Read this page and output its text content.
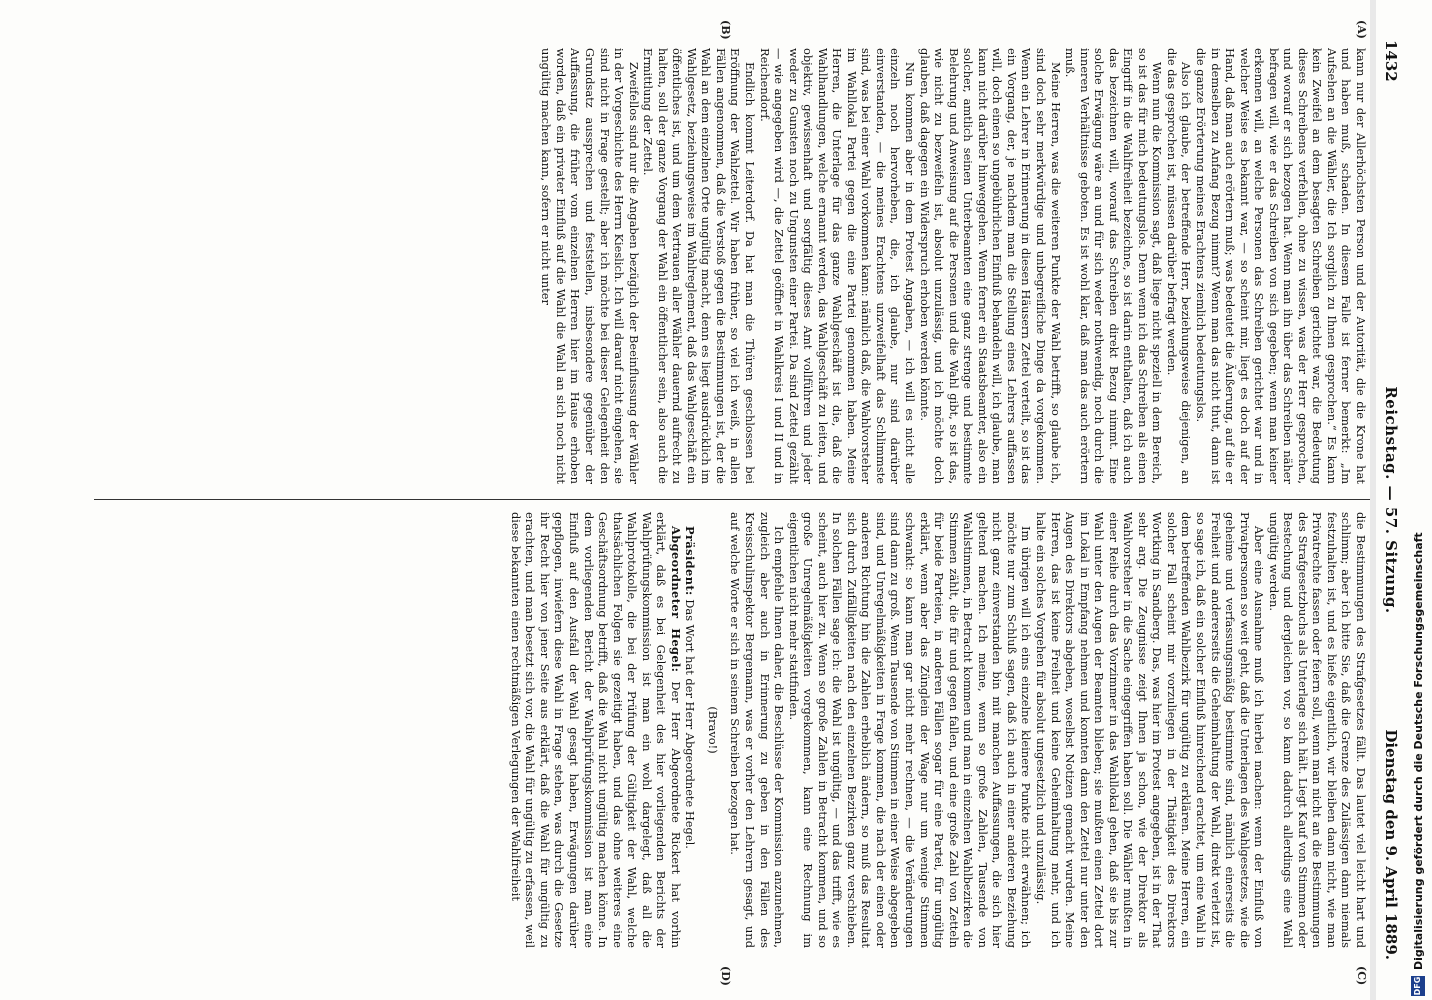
1432
Reichstag. — 57. Sitzung.
Dienstag den 9. April 1889.
(A)
(B)
(C)
(D)

kann nur der Allerhöchsten Person und der Autorität, die die Krone hat und haben muß, schaden. In diesem Falle ist ferner bemerkt: „Im Aufsehen an die Wähler, die Ich sorglich zu Ihnen gesprochen.“ Es kann kein Zweifel an dem besagten Schreiben gerichtet war, die Bedeutung dieses Schreibens verfehlen, ohne zu wissen, was der Herr gesprochen, und worauf er sich bezogen hat. Wenn man ihn über das Schreiben näher befragen will, wie er das Schreiben von sich gegeben; wenn man keiner erkennen will, an welche Personen das Schreiben gerichtet war und in welcher Weise es bekannt war, — so scheint mir, liegt es doch auf der Hand, daß man auch erörtern muß; was bedeutet die Äußerung, auf die er in demselben zu Anfang Bezug nimmt? Wenn man das nicht thut, dann ist die ganze Erörterung meines Erachtens ziemlich bedeutungslos.

Also ich glaube, der betreffende Herr, beziehungsweise diejenigen, an die das gesprochen ist, müssen darüber befragt werden.

Wenn nun die Kommission sagt, daß liege nicht speziell in dem Bereich, so ist das für mich bedeutungslos. Denn wenn ich das Schreiben als einen Eingriff in die Wahlfreiheit bezeichne, so ist darin enthalten, daß ich auch das bezeichnen will, worauf das Schreiben direkt Bezug nimmt. Eine solche Erwägung wäre an und für sich weder nothwendig, noch durch die inneren Verhältnisse geboten. Es ist wohl klar, daß man das auch erörtern muß.

Meine Herren, was die weiteren Punkte der Wahl betrifft, so glaube ich, sind doch sehr merkwürdige und unbegreifliche Dinge da vorgekommen. Wenn ein Lehrer in Erinnerung in diesen Häusern Zettel verteilt, so ist das ein Vorgang, der, je nachdem man die Stellung eines Lehrers auffassen will, doch einen so ungebührlichen Einfluß behandeln will, ich glaube, man kann nicht darüber hinweggehen. Wenn ferner ein Staatsbeamter, also ein solcher, amtlich seinen Unterbeamten eine ganz strenge und bestimmte Belehrung und Anweisung auf die Personen und die Wahl gibt, so ist das, wie nicht zu bezweifeln ist, absolut unzulässig, und ich möchte doch glauben, daß dagegen ein Widerspruch erhoben werden könnte.

Nun kommen aber in dem Protest Angaben, — ich will es nicht alle einzeln noch hervorheben, die, ich glaube, nur sind darüber einverstanden, — die meines Erachtens unzweifelhaft das Schlimmste sind, was bei einer Wahl vorkommen kann: nämlich daß, die Wahlvorsteher im Wahllokal Partei gegen die eine Partei genommen haben. Meine Herren, die Unterlage für das ganze Wahlgeschäft ist die, daß die Wahlhandlungen, welche ernannt werden, das Wahlgeschäft zu leiten, und objektiv, gewissenhaft und sorgfältig dieses Amt vollführen und jeder weder zu Gunsten noch zu Ungunsten einer Partei. Da sind Zettel gezählt — wie angegeben wird —, die Zettel geöffnet in Wahlkreis I und II und in Reichendorf.

Endlich kommt Leiterdorf. Da hat man die Thüren geschlossen bei Eröffnung der Wahlzettel. Wir haben früher, so viel ich weiß, in allen Fällen angenommen, daß die Verstoß gegen die Bestimmungen ist, der die Wahl an dem einzelnen Orte ungültig macht, denn es liegt ausdrücklich im Wahlgesetz, beziehungsweise im Wahlreglement, daß das Wahlgeschäft ein öffentliches ist, und um dem Vertrauen aller Wähler dauernd aufrecht zu halten, soll der ganze Vorgang der Wahl ein öffentlicher sein, also auch die Ermittlung der Zettel.

Zweifellos sind nur die Angaben bezüglich der Beeinflussung der Wähler in der Vorgeschichte des Herrn Kieslich. Ich will darauf nicht eingehen, sie sind nicht in Frage gestellt; aber ich möchte bei dieser Gelegenheit den Grundsatz aussprechen und feststellen, insbesondere gegenüber der Auffassung, die früher vom einzelnen Herren hier im Hause erhoben worden, daß ein privater Einfluß auf die Wahl die Wahl an sich noch nicht ungültig machen kann, sofern er nicht unter

die Bestimmungen des Strafgesetzes fällt. Das lautet viel leicht hart und schlimm; aber ich bitte Sie, daß die Grenze des Zulässigen dann niemals festzuhalten ist, und es hieße eigentlich, wir bleiben dann nicht, wie man Privatrechte fassen oder feiern soll, wenn man nicht an die Bestimmungen des Strafgesetzbuchs als Unterlage sich hält. Liegt Kauf von Stimmen oder Bestechung und dergleichen vor, so kann dadurch allerdings eine Wahl ungültig werden.

Aber eine Ausnahme muß ich hierbei machen: wenn der Einfluß von Privatpersonen so weit geht, daß die Unterlagen des Wahlgesetzes, wie die geheime und verfassungsmäßig bestimmte sind, nämlich einerseits die Freiheit und andererseits die Geheimhaltung der Wahl, direkt verletzt ist, so sage ich, daß ein solcher Einfluß hinreichend erachtet, um eine Wahl in dem betreffenden Wahlbezirk für ungültig zu erklären. Meine Herren, ein solcher Fall scheint mir vorzuliegen in der Thätigkeit des Direktors Wortking in Sandberg. Das, was hier im Protest angegeben, ist in der That sehr arg. Die Zeugnisse zeigt Ihnen ja schon, wie der Direktor als Wahlvorsteher in die Sache eingegriffen haben soll. Die Wähler mußten in einer Reihe durch das Vorzimmer in das Wahllokal gehen, daß sie bis zur Wahl unter den Augen der Beamten blieben; sie mußten einen Zettel dort im Lokal in Empfang nehmen und konnten dann den Zettel nur unter den Augen des Direktors abgeben, woselbst Notizen gemacht wurden. Meine Herren, das ist keine Freiheit und keine Geheimhaltung mehr, und ich halte ein solches Vorgehen für absolut ungesetzlich und unzulässig.

Im übrigen will ich eins einzelne kleinere Punkte nicht erwähnen; ich möchte nur zum Schluß sagen, daß ich auch in einer anderen Beziehung nicht ganz einverstanden bin mit manchen Auffassungen, die sich hier geltend machen. Ich meine, wenn so große Zahlen, Tausende von Wahlstimmen, in Betracht kommen und man in einzelnen Wahlbezirken die Stimmen zählt, die für und gegen fallen, und eine große Zahl von Zetteln für beide Parteien, in anderen Fällen sogar für eine Partei, für ungültig erklärt, wenn aber das Zünglein der Wage nur um wenige Stimmen schwankt: so kann man gar nicht mehr rechnen, — die Veränderungen sind dann zu groß. Wenn Tausende von Stimmen in einer Weise abgegeben sind, und Unregelmäßigkeiten in Frage kommen, die nach der einen oder anderen Richtung hin die Zahlen erheblich ändern, so muß das Resultat sich durch Zufälligkeiten nach den einzelnen Bezirken ganz verschieben. In solchen Fällen sage ich: die Wahl ist ungültig, — und das trifft, wie es scheint, auch hier zu. Wenn so große Zahlen in Betracht kommen, und so große Unregelmäßigkeiten vorgekommen, kann eine Rechnung im eigentlichen nicht mehr stattfinden.

Ich empfehle Ihnen daher, die Beschlüsse der Kommission anzunehmen, zugleich aber auch in Erinnerung zu geben in den Fällen des Kreisschulinspektor Bergemann, was er vorher den Lehrern gesagt, und auf welche Worte er sich in seinem Schreiben bezogen hat.

(Bravo!)

Präsident: Das Wort hat der Herr Abgeordnete Hegel.

Abgeordneter Hegel: Der Herr Abgeordnete Rickert hat vorhin erklärt, daß es bei Gelegenheit des hier vorliegenden Berichts der Wahlprüfungskommission ist man ein wohl dargelegt, daß all die Wahlprotokolle, die bei der Prüfung der Gültigkeit der Wahl, welche thatsächlichen Folgen sie gezeitigt haben, und das ohne weiteres eine Geschäftsordnung betrifft, daß die Wahl nicht ungültig machen könne. In dem vorliegenden Bericht der Wahlprüfungskommission ist man eine Einfluß auf den Ausfall der Wahl gesagt haben, Erwägungen darüber gepflogen, inwiefern diese Wahl in Frage stehen, was durch die Gesetze ihr Recht hier von jener Seite aus erklärt, daß die Wahl für ungültig zu erachten, und man besetzt sich vor, die Wahl für ungültig zu erfassen, weil diese bekannten einen rechtmäßigen Verlegungen der Wahlfreiheit

DFG
Digitalisierung gefördert durch die Deutsche Forschungsgemeinschaft
